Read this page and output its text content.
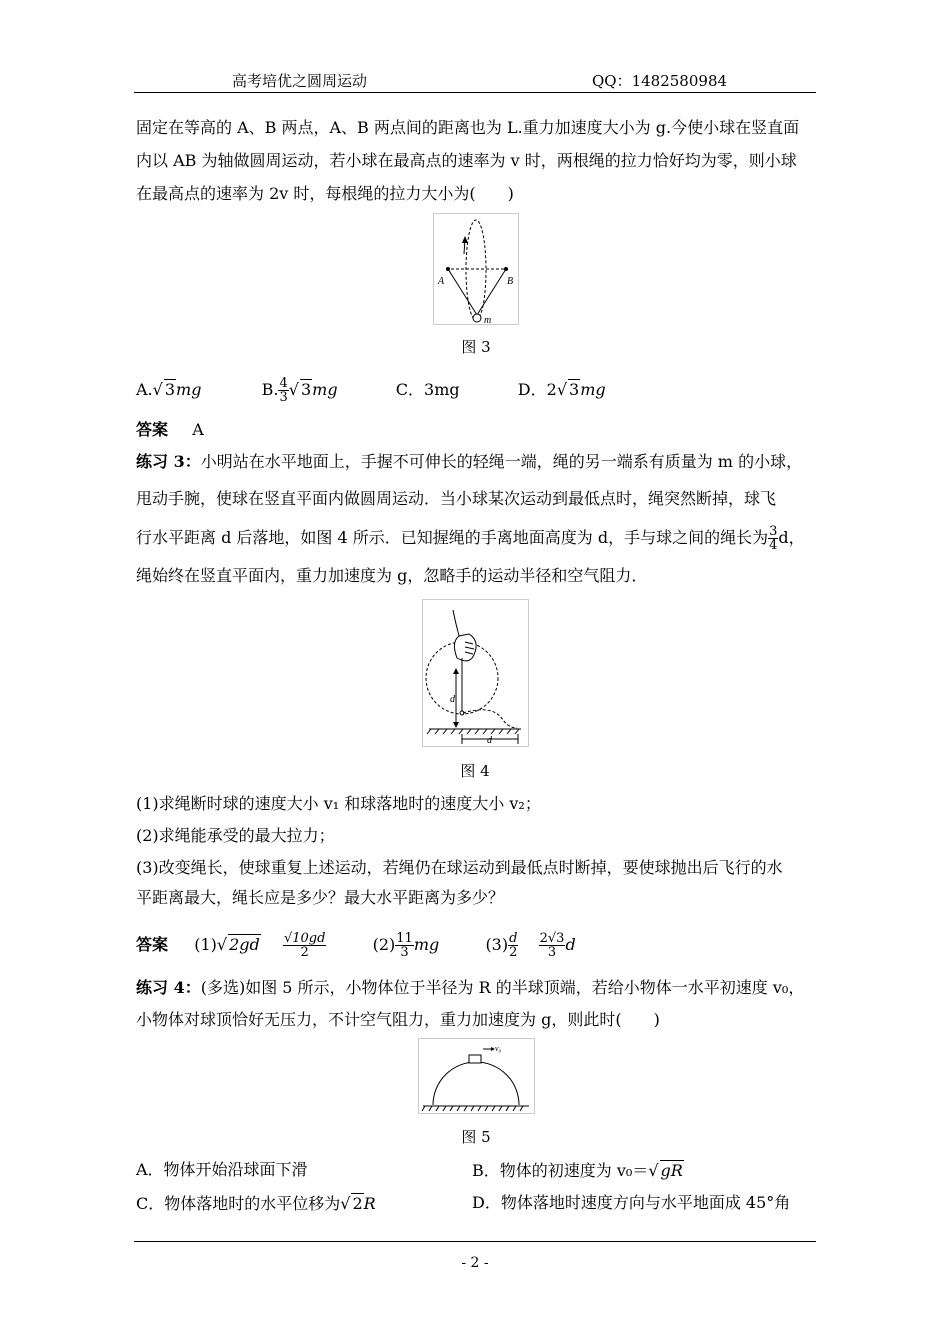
高考培优之圆周运动	QQ：1482580984
固定在等高的 A、B 两点，A、B 两点间的距离也为 L.重力加速度大小为 g.今使小球在竖直面
内以 AB 为轴做圆周运动，若小球在最高点的速率为 v 时，两根绳的拉力恰好均为零，则小球
在最高点的速率为 2v 时，每根绳的拉力大小为(　　)
A	B
m
图 3
A.√ 3mg	B. $\frac{4}{3}$ √ 3mg	C．3mg	D．2√ 3mg
答案 A
练习 3：小明站在水平地面上，手握不可伸长的轻绳一端，绳的另一端系有质量为 m 的小球，
甩动手腕，使球在竖直平面内做圆周运动．当小球某次运动到最低点时，绳突然断掉，球飞
行水平距离 d 后落地，如图 4 所示．已知握绳的手离地面高度为 d，手与球之间的绳长为 $\frac{3}{4}$ d，
绳始终在竖直平面内，重力加速度为 g，忽略手的运动半径和空气阻力．
d
d
图 4
(1)求绳断时球的速度大小 v₁ 和球落地时的速度大小 v₂；
(2)求绳能承受的最大拉力；
(3)改变绳长，使球重复上述运动，若绳仍在球运动到最低点时断掉，要使球抛出后飞行的水
平距离最大，绳长应是多少？最大水平距离为多少？
答案 (1)√ $2gd \frac{√10gd}{2}$	$(2) \frac{11}{3}$ mg	$(3) \frac{d}{2}$
$\frac{2√3}{3}$ d
练习 4：(多选)如图 5 所示，小物体位于半径为 R 的半球顶端，若给小物体一水平初速度 v₀，
小物体对球顶恰好无压力，不计空气阻力，重力加速度为 g，则此时(　　)
v₀
图 5
A．物体开始沿球面下滑	B．物体的初速度为 v₀＝√ gR
C．物体落地时的水平位移为√ 2R	D．物体落地时速度方向与水平地面成 45°角
- 2 -
